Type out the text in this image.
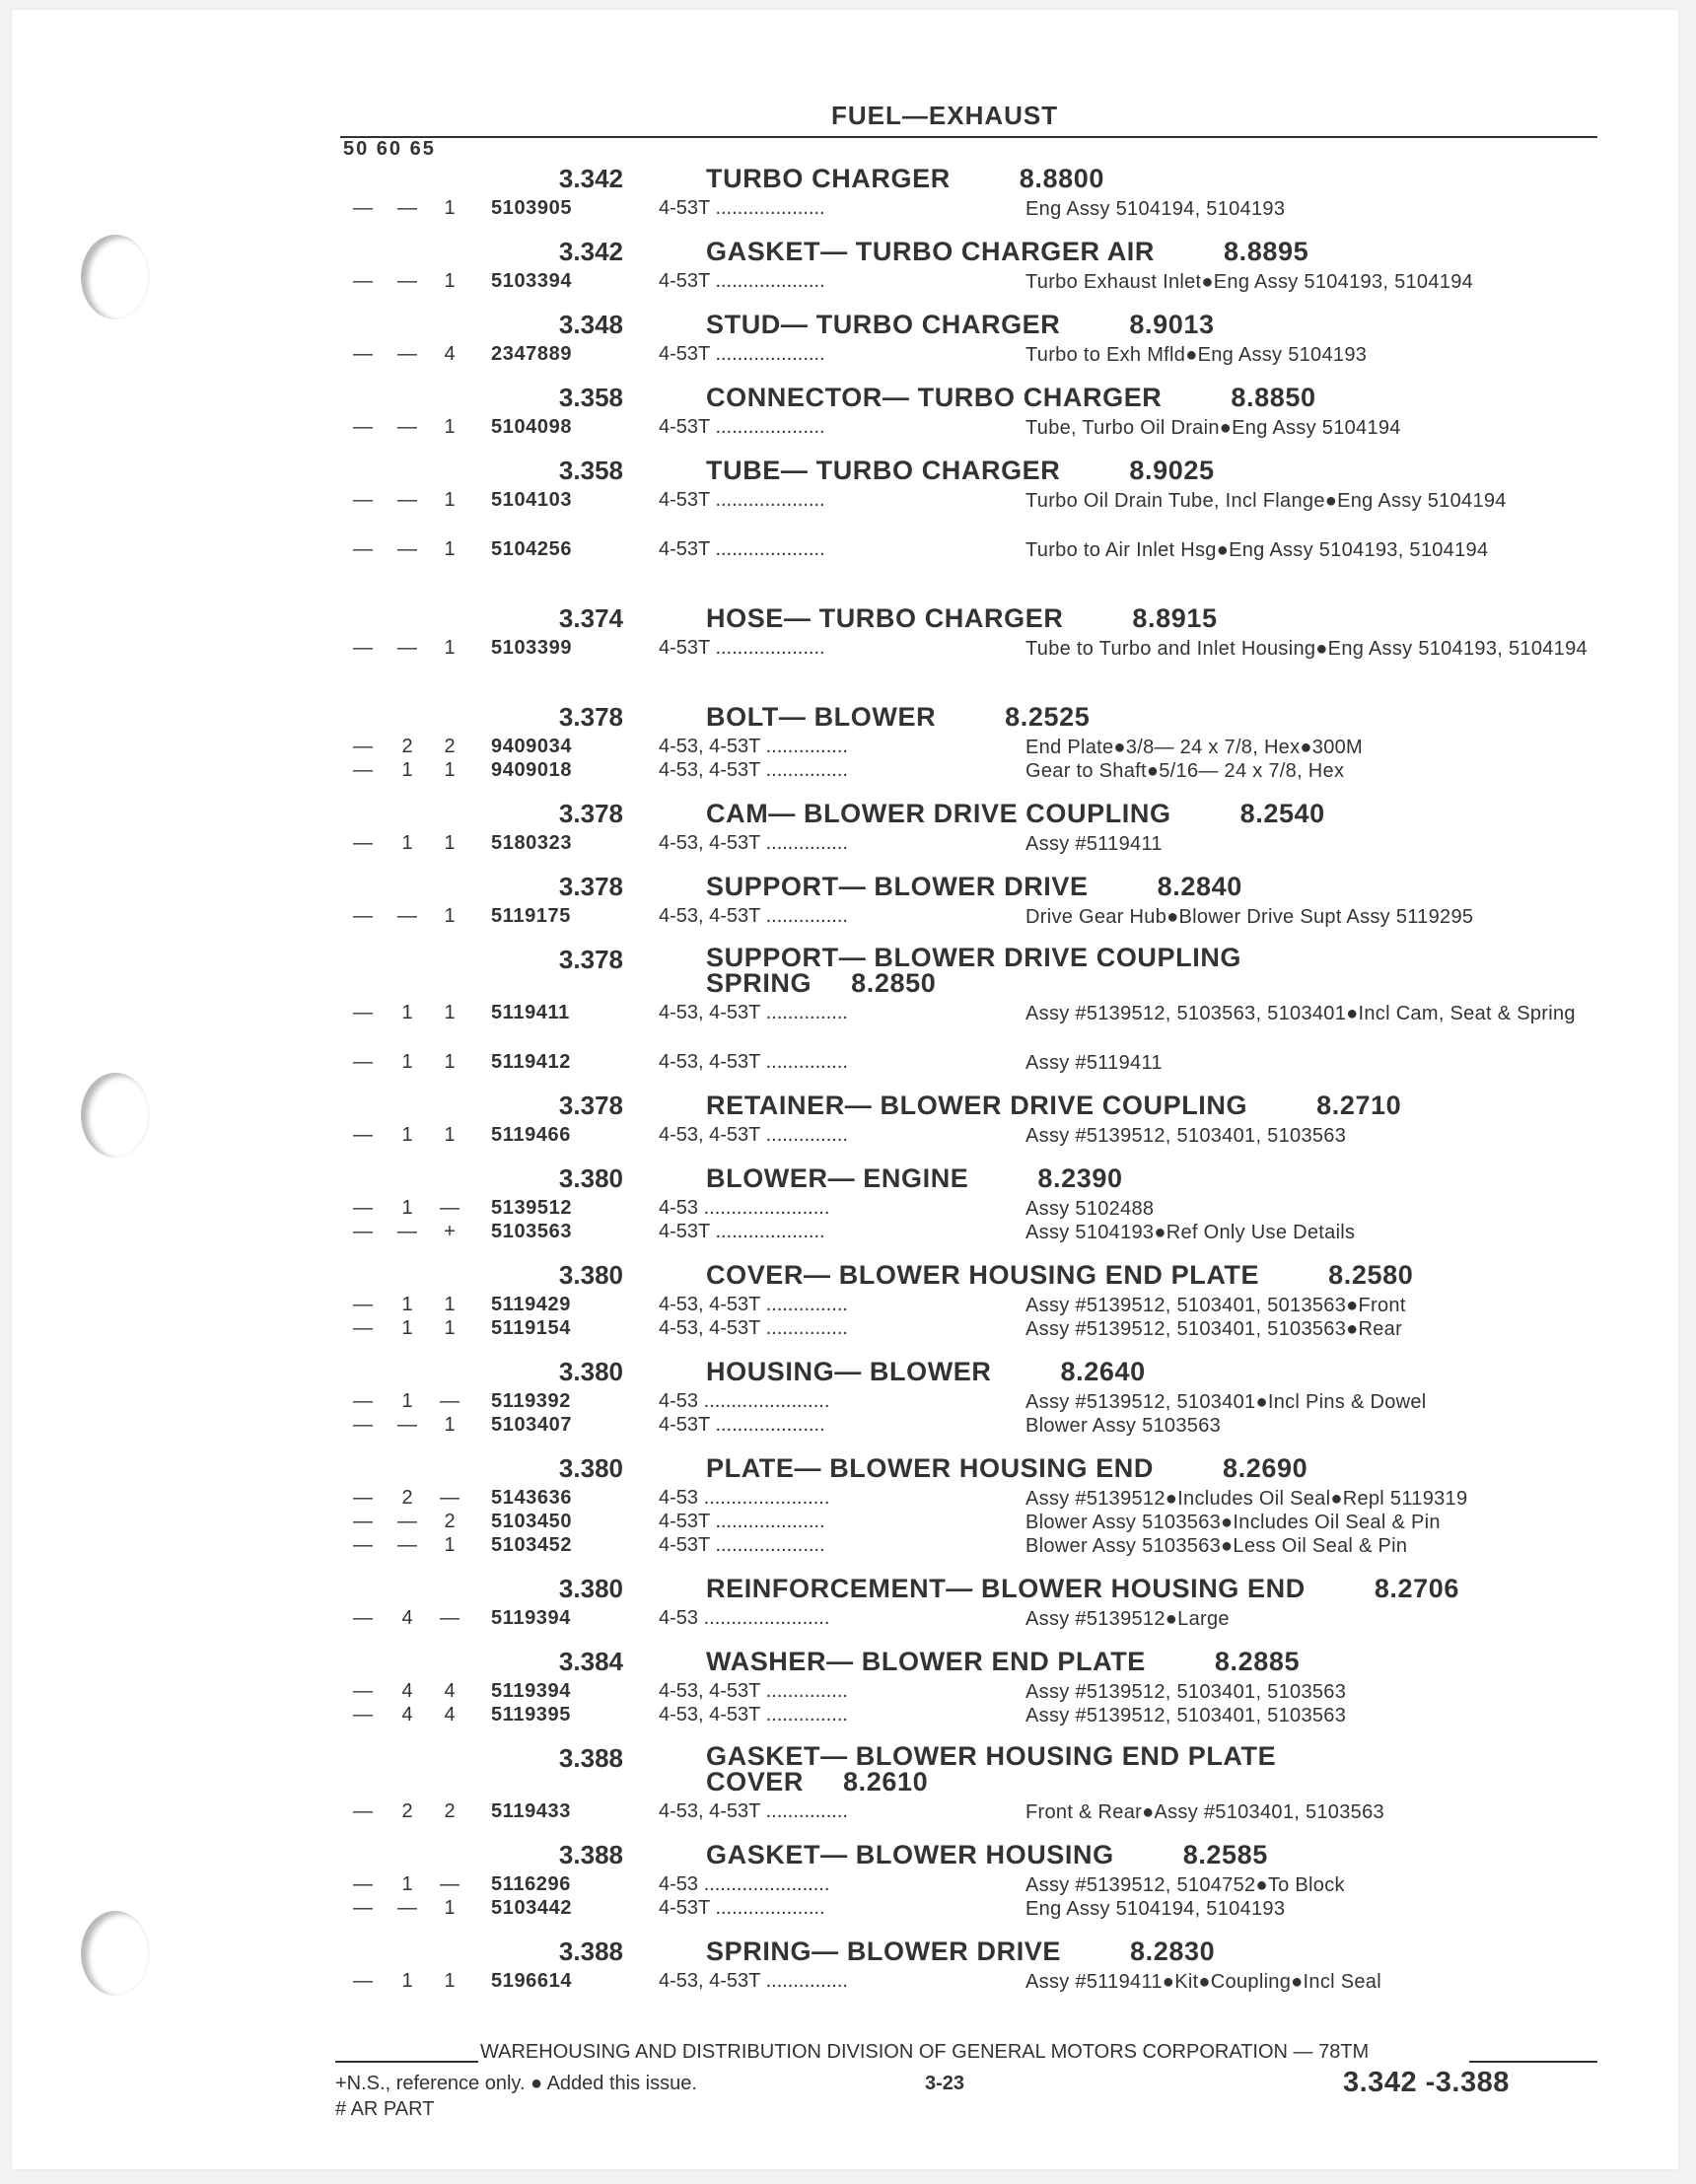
FUEL—EXHAUST
50 60 65
3.342	TURBO CHARGER	8.8800
— — 1 5103905	4-53T ....................	Eng Assy 5104194, 5104193
3.342	GASKET— TURBO CHARGER AIR	8.8895
— — 1 5103394	4-53T ....................	Turbo Exhaust Inlet●Eng Assy 5104193, 5104194
3.348	STUD— TURBO CHARGER	8.9013
— — 4 2347889	4-53T ....................	Turbo to Exh Mfld●Eng Assy 5104193
3.358	CONNECTOR— TURBO CHARGER	8.8850
— — 1 5104098	4-53T ....................	Tube, Turbo Oil Drain●Eng Assy 5104194
3.358	TUBE— TURBO CHARGER	8.9025
— — 1 5104103	4-53T ....................	Turbo Oil Drain Tube, Incl Flange●Eng Assy 5104194
— — 1 5104256	4-53T ....................	Turbo to Air Inlet Hsg●Eng Assy 5104193, 5104194
3.374	HOSE— TURBO CHARGER	8.8915
— — 1 5103399	4-53T ....................	Tube to Turbo and Inlet Housing●Eng Assy 5104193, 5104194
3.378	BOLT— BLOWER	8.2525
— 2 2 9409034	4-53, 4-53T ...............	End Plate●3/8— 24 x 7/8, Hex●300M
— 1 1 9409018	4-53, 4-53T ...............	Gear to Shaft●5/16— 24 x 7/8, Hex
3.378	CAM— BLOWER DRIVE COUPLING	8.2540
— 1 1 5180323	4-53, 4-53T ...............	Assy #5119411
3.378	SUPPORT— BLOWER DRIVE	8.2840
— — 1 5119175	4-53, 4-53T ...............	Drive Gear Hub●Blower Drive Supt Assy 5119295
3.378	SUPPORT— BLOWER DRIVE COUPLING SPRING 8.2850
— 1 1 5119411	4-53, 4-53T ...............	Assy #5139512, 5103563, 5103401●Incl Cam, Seat & Spring
— 1 1 5119412	4-53, 4-53T ...............	Assy #5119411
3.378	RETAINER— BLOWER DRIVE COUPLING	8.2710
— 1 1 5119466	4-53, 4-53T ...............	Assy #5139512, 5103401, 5103563
3.380	BLOWER— ENGINE	8.2390
— 1 — 5139512	4-53 .......................	Assy 5102488
— — + 5103563	4-53T ....................	Assy 5104193●Ref Only Use Details
3.380	COVER— BLOWER HOUSING END PLATE	8.2580
— 1 1 5119429	4-53, 4-53T ...............	Assy #5139512, 5103401, 5013563●Front
— 1 1 5119154	4-53, 4-53T ...............	Assy #5139512, 5103401, 5103563●Rear
3.380	HOUSING— BLOWER	8.2640
— 1 — 5119392	4-53 .......................	Assy #5139512, 5103401●Incl Pins & Dowel
— — 1 5103407	4-53T ....................	Blower Assy 5103563
3.380	PLATE— BLOWER HOUSING END	8.2690
— 2 — 5143636	4-53 .......................	Assy #5139512●Includes Oil Seal●Repl 5119319
— — 2 5103450	4-53T ....................	Blower Assy 5103563●Includes Oil Seal & Pin
— — 1 5103452	4-53T ....................	Blower Assy 5103563●Less Oil Seal & Pin
3.380	REINFORCEMENT— BLOWER HOUSING END	8.2706
— 4 — 5119394	4-53 .......................	Assy #5139512●Large
3.384	WASHER— BLOWER END PLATE	8.2885
— 4 4 5119394	4-53, 4-53T ...............	Assy #5139512, 5103401, 5103563
— 4 4 5119395	4-53, 4-53T ...............	Assy #5139512, 5103401, 5103563
3.388	GASKET— BLOWER HOUSING END PLATE COVER 8.2610
— 2 2 5119433	4-53, 4-53T ...............	Front & Rear●Assy #5103401, 5103563
3.388	GASKET— BLOWER HOUSING	8.2585
— 1 — 5116296	4-53 .......................	Assy #5139512, 5104752●To Block
— — 1 5103442	4-53T ....................	Eng Assy 5104194, 5104193
3.388	SPRING— BLOWER DRIVE	8.2830
— 1 1 5196614	4-53, 4-53T ...............	Assy #5119411●Kit●Coupling●Incl Seal
WAREHOUSING AND DISTRIBUTION DIVISION OF GENERAL MOTORS CORPORATION — 78TM
+N.S., reference only. ● Added this issue.
# AR PART
3-23	3.342 -3.388
